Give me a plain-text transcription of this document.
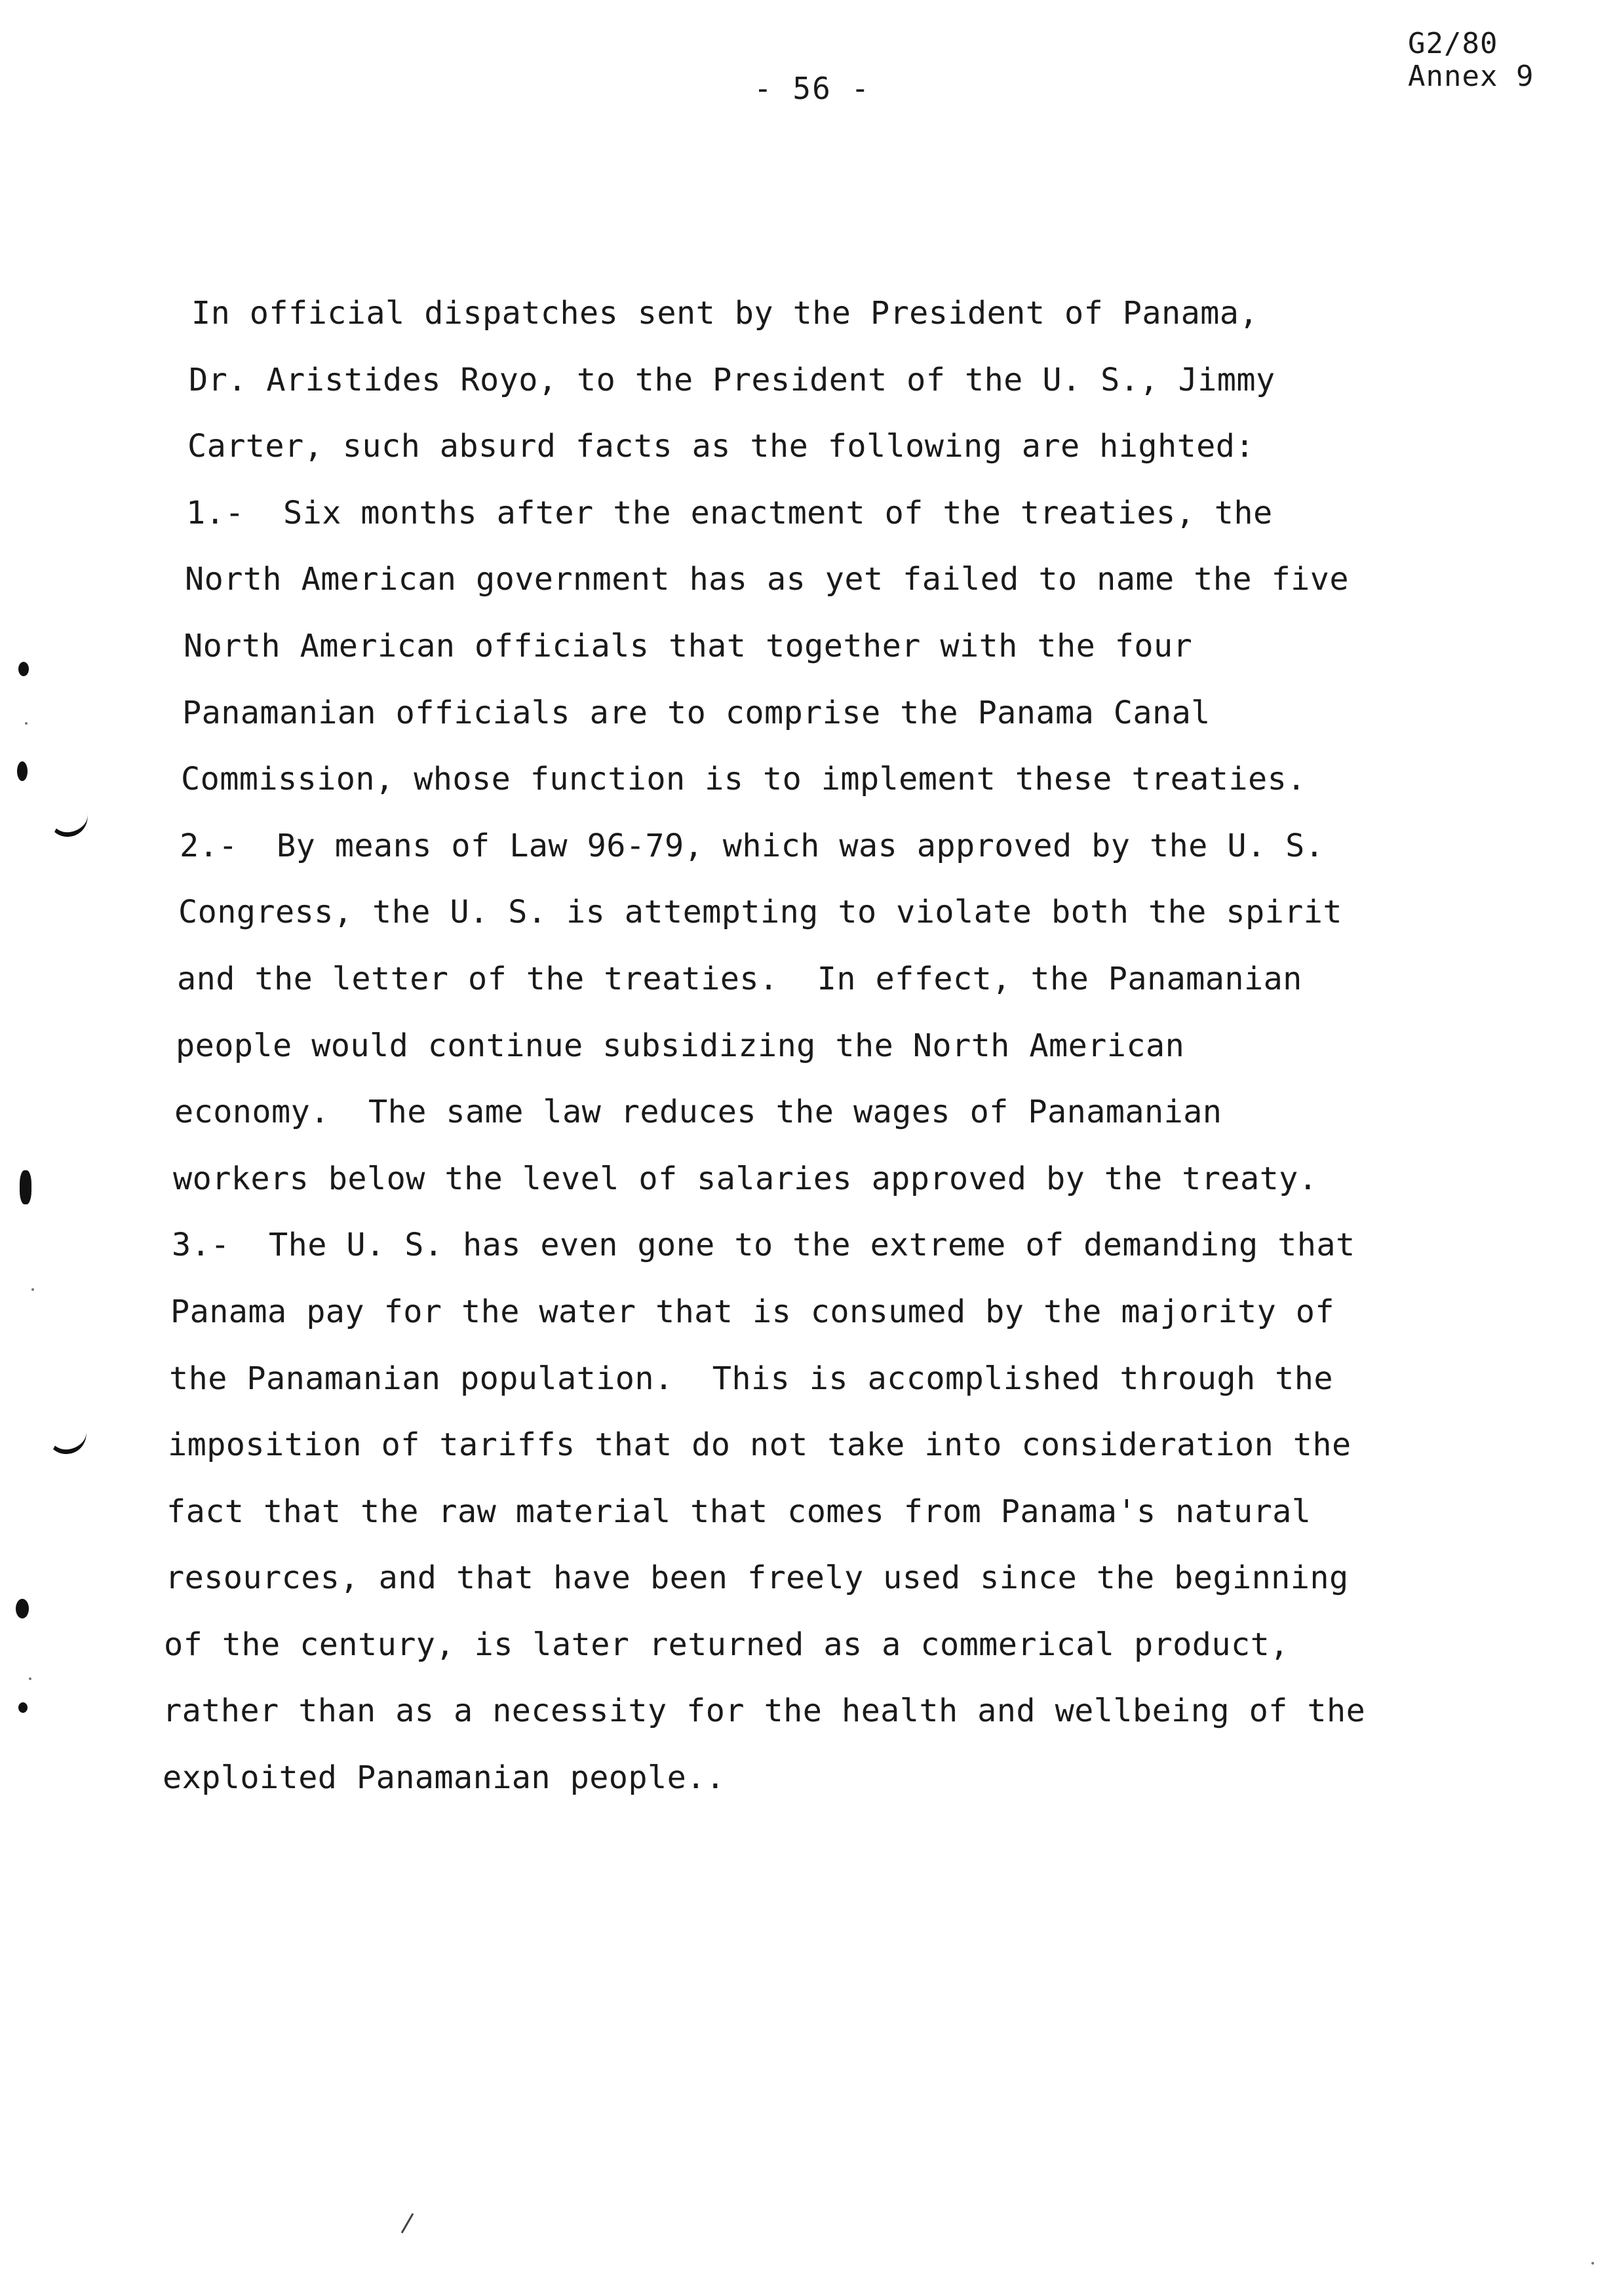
G2/80
Annex 9
- 56 -
In official dispatches sent by the President of Panama,
Dr. Aristides Royo, to the President of the U. S., Jimmy
Carter, such absurd facts as the following are highted:
1.-  Six months after the enactment of the treaties, the
North American government has as yet failed to name the five
North American officials that together with the four
Panamanian officials are to comprise the Panama Canal
Commission, whose function is to implement these treaties.
2.-  By means of Law 96-79, which was approved by the U. S.
Congress, the U. S. is attempting to violate both the spirit
and the letter of the treaties.  In effect, the Panamanian
people would continue subsidizing the North American
economy.  The same law reduces the wages of Panamanian
workers below the level of salaries approved by the treaty.
3.-  The U. S. has even gone to the extreme of demanding that
Panama pay for the water that is consumed by the majority of
the Panamanian population.  This is accomplished through the
imposition of tariffs that do not take into consideration the
fact that the raw material that comes from Panama's natural
resources, and that have been freely used since the beginning
of the century, is later returned as a commerical product,
rather than as a necessity for the health and wellbeing of the
exploited Panamanian people..
